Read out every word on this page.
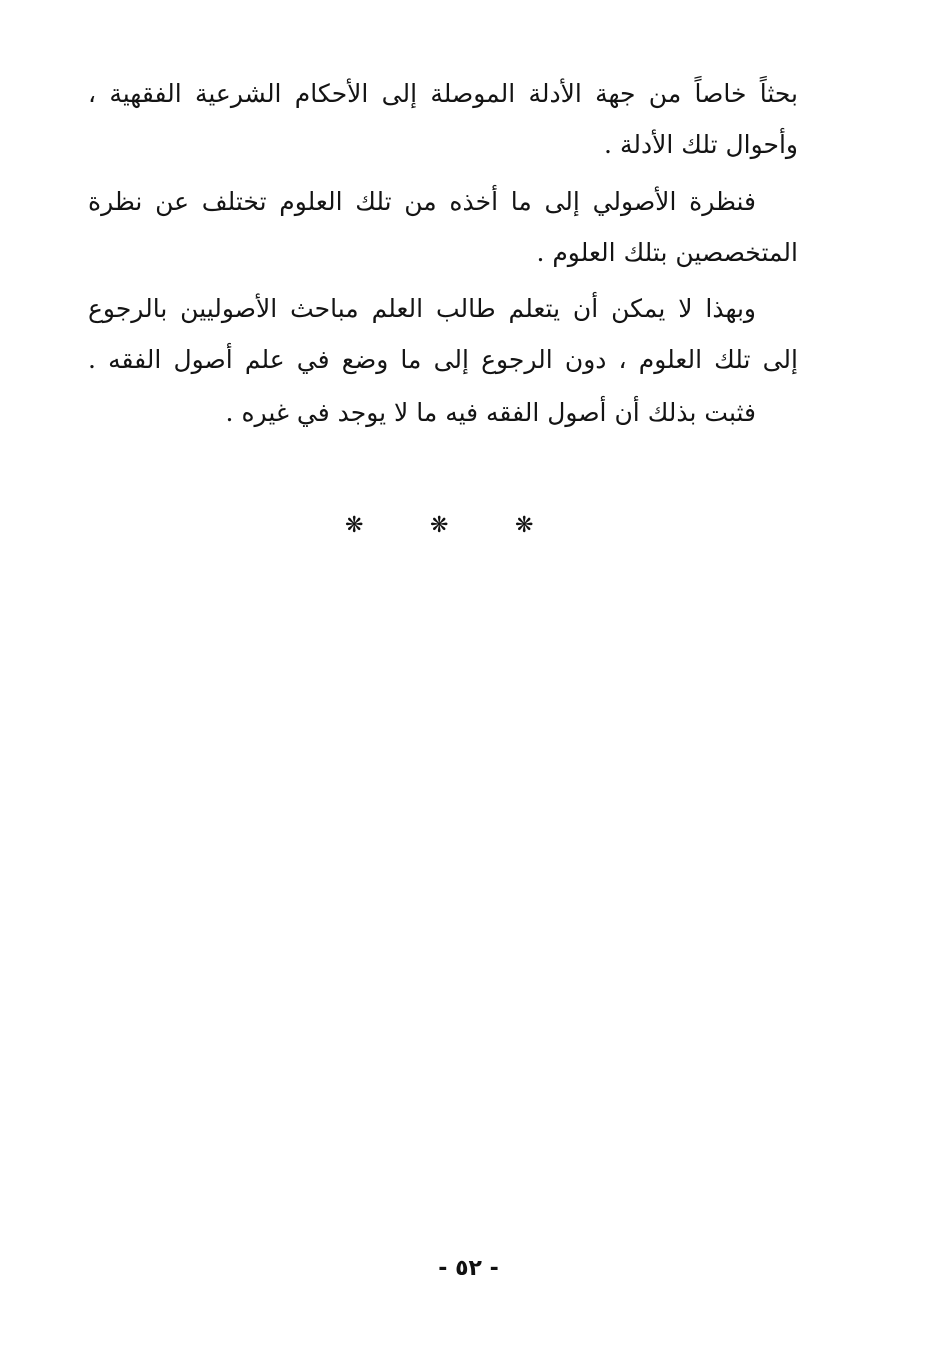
بحثاً خاصاً من جهة الأدلة الموصلة إلى الأحكام الشرعية الفقهية ،
وأحوال تلك الأدلة .
فنظرة الأصولي إلى ما أخذه من تلك العلوم تختلف عن نظرة
المتخصصين بتلك العلوم .
وبهذا لا يمكن أن يتعلم طالب العلم مباحث الأصوليين بالرجوع
إلى تلك العلوم ، دون الرجوع إلى ما وضع في علم أصول الفقه .
فثبت بذلك أن أصول الفقه فيه ما لا يوجد في غيره .
❋	❋	❋
- ٥٢ -
